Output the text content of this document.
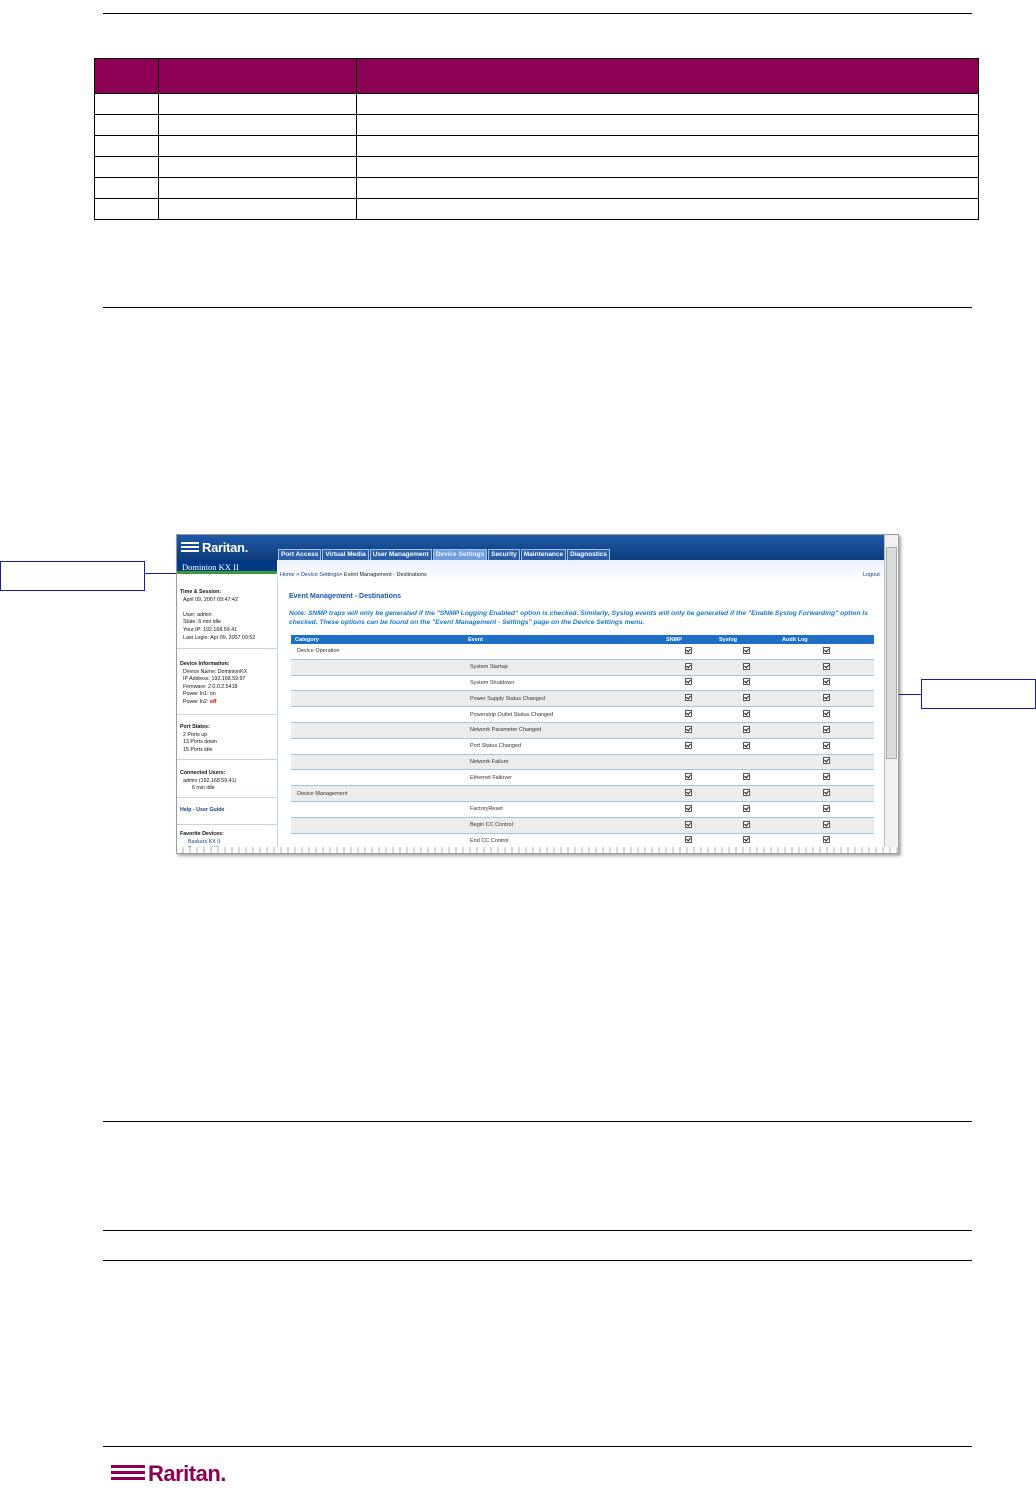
Raritan.	Port Access	Virtual Media	User Management	Device Settings	Security	Maintenance	Diagnostics
Dominion KX II
Home > Device Settings> Event Management - Destinations	Logout
Time & Session:
April 09, 2007 09:47:42
User: admin
State: 6 min idle
Your IP: 192.168.59.41
Last Login: Apr 09, 2007 09:52
Device Information:
Device Name: DominionKX
IP Address: 192.168.59.97
Firmware: 2.0.0.2.5418
Power In1: on
Power In2: off
Port States:
2 Ports up
13 Ports down
15 Ports idle
Connected Users:
admin (192.168.59.41)
6 min idle
Help - User Guide
Favorite Devices:
Baskars KX II
Event Management - Destinations
Note: SNMP traps will only be generated if the "SNMP Logging Enabled" option is checked. Similarly, Syslog events will only be generated if the "Enable Syslog Forwarding" option is checked. These options can be found on the "Event Management - Settings" page on the Device Settings menu.
Category	Event	SNMP	Syslog	Audit Log
Device Operation				
	System Startup			
	System Shutdown			
	Power Supply Status Changed			
	Powerstrip Outlet Status Changed			
	Network Parameter Changed			
	Port Status Changed			
	Network Failure			
	Ethernet Failover			
Device Management				
	FactoryReset			
	Begin CC Control			
	End CC Control			
Raritan.
